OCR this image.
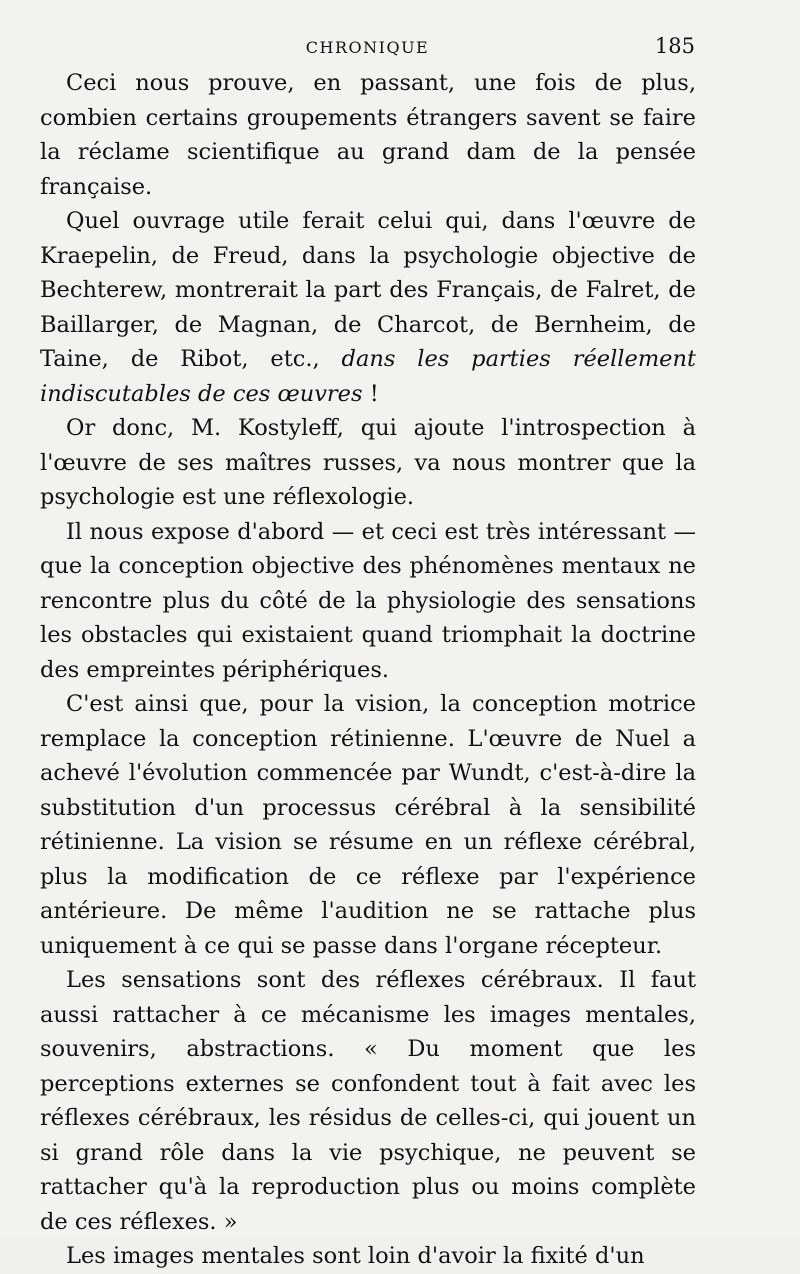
CHRONIQUE	185

Ceci nous prouve, en passant, une fois de plus, combien certains groupements étrangers savent se faire la réclame scientifique au grand dam de la pensée française.

Quel ouvrage utile ferait celui qui, dans l'œuvre de Kraepelin, de Freud, dans la psychologie objective de Bechterew, montrerait la part des Français, de Falret, de Baillarger, de Magnan, de Charcot, de Bernheim, de Taine, de Ribot, etc., dans les parties réellement indiscutables de ces œuvres !

Or donc, M. Kostyleff, qui ajoute l'introspection à l'œuvre de ses maîtres russes, va nous montrer que la psychologie est une réflexologie.

Il nous expose d'abord — et ceci est très intéressant — que la conception objective des phénomènes mentaux ne rencontre plus du côté de la physiologie des sensations les obstacles qui existaient quand triomphait la doctrine des empreintes périphériques.

C'est ainsi que, pour la vision, la conception motrice remplace la conception rétinienne. L'œuvre de Nuel a achevé l'évolution commencée par Wundt, c'est-à-dire la substitution d'un processus cérébral à la sensibilité rétinienne. La vision se résume en un réflexe cérébral, plus la modification de ce réflexe par l'expérience antérieure. De même l'audition ne se rattache plus uniquement à ce qui se passe dans l'organe récepteur.

Les sensations sont des réflexes cérébraux. Il faut aussi rattacher à ce mécanisme les images mentales, souvenirs, abstractions. « Du moment que les perceptions externes se confondent tout à fait avec les réflexes cérébraux, les résidus de celles-ci, qui jouent un si grand rôle dans la vie psychique, ne peuvent se rattacher qu'à la reproduction plus ou moins complète de ces réflexes. »

Les images mentales sont loin d'avoir la fixité d'un
